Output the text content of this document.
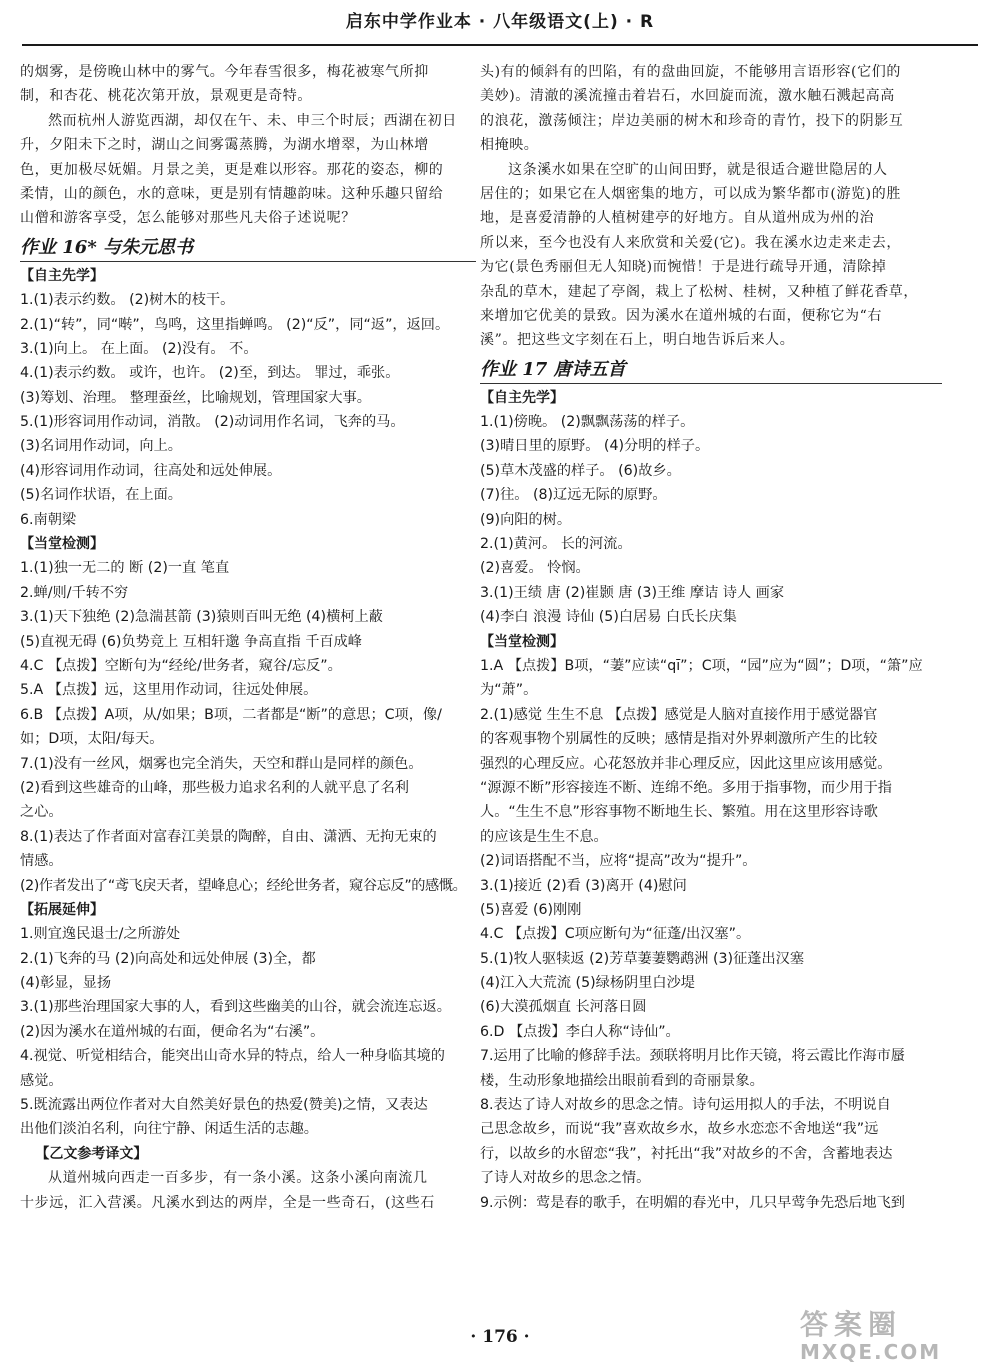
启东中学作业本 · 八年级语文(上) · R
的烟雾，是傍晚山林中的雾气。今年春雪很多，梅花被寒气所抑
制，和杏花、桃花次第开放，景观更是奇特。
然而杭州人游览西湖，却仅在午、未、申三个时辰；西湖在初日
升，夕阳未下之时，湖山之间雾霭蒸腾，为湖水增翠，为山林增
色，更加极尽妩媚。月景之美，更是难以形容。那花的姿态，柳的
柔情，山的颜色，水的意味，更是别有情趣韵味。这种乐趣只留给
山僧和游客享受，怎么能够对那些凡夫俗子述说呢？
作业 16* 与朱元思书
【自主先学】
1.(1)表示约数。 (2)树木的枝干。
2.(1)“转”，同“啭”，鸟鸣，这里指蝉鸣。 (2)“反”，同“返”，返回。
3.(1)向上。 在上面。 (2)没有。 不。
4.(1)表示约数。 或许，也许。 (2)至，到达。 罪过，乖张。
(3)筹划、治理。 整理蚕丝，比喻规划，管理国家大事。
5.(1)形容词用作动词，消散。 (2)动词用作名词，飞奔的马。
(3)名词用作动词，向上。
(4)形容词用作动词，往高处和远处伸展。
(5)名词作状语，在上面。
6.南朝梁
【当堂检测】
1.(1)独一无二的 断 (2)一直 笔直
2.蝉/则/千转不穷
3.(1)天下独绝 (2)急湍甚箭 (3)猿则百叫无绝 (4)横柯上蔽
(5)直视无碍 (6)负势竞上 互相轩邈 争高直指 千百成峰
4.C 【点拨】空断句为“经纶/世务者，窥谷/忘反”。
5.A 【点拨】远，这里用作动词，往远处伸展。
6.B 【点拨】A项，从/如果；B项，二者都是“断”的意思；C项，像/
如；D项，太阳/每天。
7.(1)没有一丝风，烟雾也完全消失，天空和群山是同样的颜色。
(2)看到这些雄奇的山峰，那些极力追求名利的人就平息了名利
之心。
8.(1)表达了作者面对富春江美景的陶醉，自由、潇洒、无拘无束的
情感。
(2)作者发出了“鸢飞戾天者，望峰息心；经纶世务者，窥谷忘反”的感慨。
【拓展延伸】
1.则宜逸民退士/之所游处
2.(1)飞奔的马 (2)向高处和远处伸展 (3)全，都
(4)彰显，显扬
3.(1)那些治理国家大事的人，看到这些幽美的山谷，就会流连忘返。
(2)因为溪水在道州城的右面，便命名为“右溪”。
4.视觉、听觉相结合，能突出山奇水异的特点，给人一种身临其境的
感觉。
5.既流露出两位作者对大自然美好景色的热爱(赞美)之情，又表达
出他们淡泊名利，向往宁静、闲适生活的志趣。
【乙文参考译文】
从道州城向西走一百多步，有一条小溪。这条小溪向南流几
十步远，汇入营溪。凡溪水到达的两岸，全是一些奇石，(这些石
头)有的倾斜有的凹陷，有的盘曲回旋，不能够用言语形容(它们的
美妙)。清澈的溪流撞击着岩石，水回旋而流，激水触石溅起高高
的浪花，激荡倾注；岸边美丽的树木和珍奇的青竹，投下的阴影互
相掩映。
这条溪水如果在空旷的山间田野，就是很适合避世隐居的人
居住的；如果它在人烟密集的地方，可以成为繁华都市(游览)的胜
地，是喜爱清静的人植树建亭的好地方。自从道州成为州的治
所以来，至今也没有人来欣赏和关爱(它)。我在溪水边走来走去，
为它(景色秀丽但无人知晓)而惋惜！于是进行疏导开通，清除掉
杂乱的草木，建起了亭阁，栽上了松树、桂树，又种植了鲜花香草，
来增加它优美的景致。因为溪水在道州城的右面，便称它为“右
溪”。把这些文字刻在石上，明白地告诉后来人。
作业 17 唐诗五首
【自主先学】
1.(1)傍晚。 (2)飘飘荡荡的样子。
(3)晴日里的原野。 (4)分明的样子。
(5)草木茂盛的样子。 (6)故乡。
(7)往。 (8)辽远无际的原野。
(9)向阳的树。
2.(1)黄河。 长的河流。
(2)喜爱。 怜悯。
3.(1)王绩 唐 (2)崔颢 唐 (3)王维 摩诘 诗人 画家
(4)李白 浪漫 诗仙 (5)白居易 白氏长庆集
【当堂检测】
1.A 【点拨】B项，“萋”应读“qī”；C项，“园”应为“圆”；D项，“箫”应
为“萧”。
2.(1)感觉 生生不息 【点拨】感觉是人脑对直接作用于感觉器官
的客观事物个别属性的反映；感情是指对外界刺激所产生的比较
强烈的心理反应。心花怒放并非心理反应，因此这里应该用感觉。
“源源不断”形容接连不断、连绵不绝。多用于指事物，而少用于指
人。“生生不息”形容事物不断地生长、繁殖。用在这里形容诗歌
的应该是生生不息。
(2)词语搭配不当，应将“提高”改为“提升”。
3.(1)接近 (2)看 (3)离开 (4)慰问
(5)喜爱 (6)刚刚
4.C 【点拨】C项应断句为“征蓬/出汉塞”。
5.(1)牧人驱犊返 (2)芳草萋萋鹦鹉洲 (3)征蓬出汉塞
(4)江入大荒流 (5)绿杨阴里白沙堤
(6)大漠孤烟直 长河落日圆
6.D 【点拨】李白人称“诗仙”。
7.运用了比喻的修辞手法。颈联将明月比作天镜，将云霞比作海市蜃
楼，生动形象地描绘出眼前看到的奇丽景象。
8.表达了诗人对故乡的思念之情。诗句运用拟人的手法，不明说自
己思念故乡，而说“我”喜欢故乡水，故乡水恋恋不舍地送“我”远
行，以故乡的水留恋“我”，衬托出“我”对故乡的不舍，含蓄地表达
了诗人对故乡的思念之情。
9.示例：莺是春的歌手，在明媚的春光中，几只早莺争先恐后地飞到
· 176 ·	答案圈
MXQE.COM
